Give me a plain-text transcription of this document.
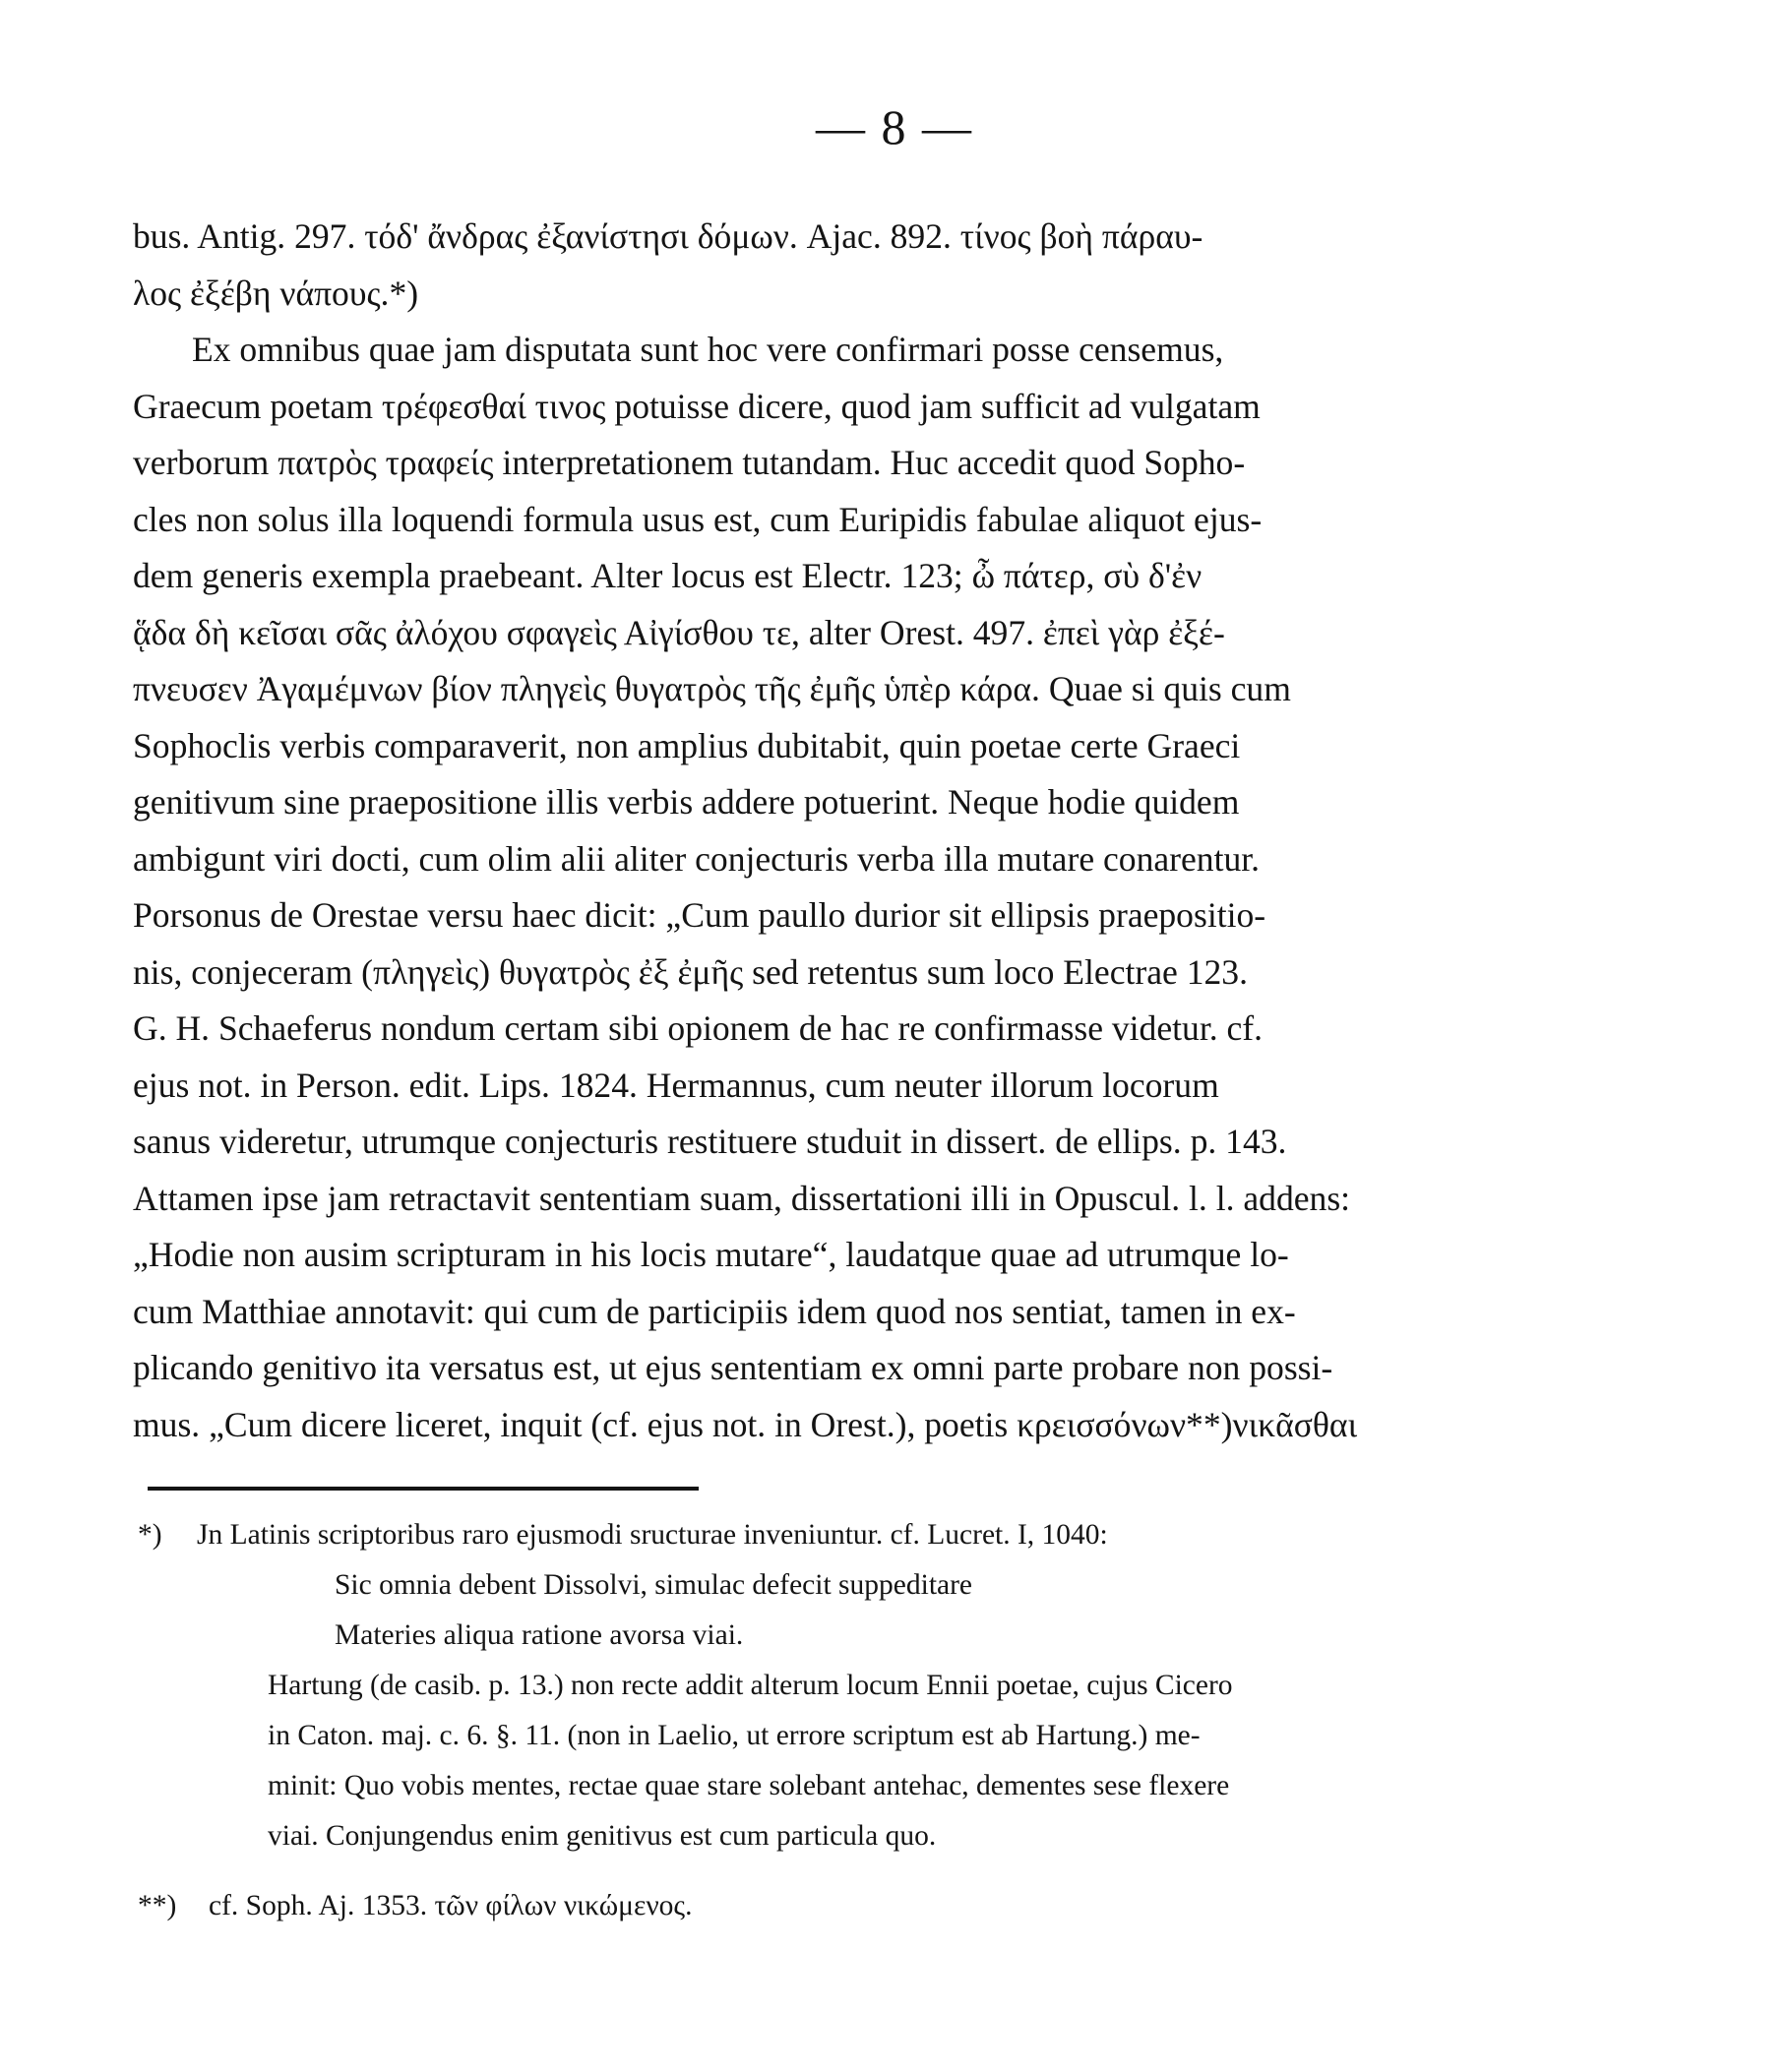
— 8 —
bus. Antig. 297. τόδ' ἄνδρας ἐξανίστησι δόμων. Ajac. 892. τίνος βοὴ πάραυ-
λος ἐξέβη νάπους.*)
Ex omnibus quae jam disputata sunt hoc vere confirmari posse censemus,
Graecum poetam τρέφεσθαί τινος potuisse dicere, quod jam sufficit ad vulgatam
verborum πατρὸς τραφείς interpretationem tutandam. Huc accedit quod Sopho-
cles non solus illa loquendi formula usus est, cum Euripidis fabulae aliquot ejus-
dem generis exempla praebeant. Alter locus est Electr. 123; ὦ πάτερ, σὺ δ'ἐν
ᾅδα δὴ κεῖσαι σᾶς ἀλόχου σφαγεὶς Αἰγίσθου τε, alter Orest. 497. ἐπεὶ γὰρ ἐξέ-
πνευσεν Ἀγαμέμνων βίον πληγεὶς θυγατρὸς τῆς ἐμῆς ὑπὲρ κάρα. Quae si quis cum
Sophoclis verbis comparaverit, non amplius dubitabit, quin poetae certe Graeci
genitivum sine praepositione illis verbis addere potuerint. Neque hodie quidem
ambigunt viri docti, cum olim alii aliter conjecturis verba illa mutare conarentur.
Porsonus de Orestae versu haec dicit: „Cum paullo durior sit ellipsis praepositio-
nis, conjeceram (πληγεὶς) θυγατρὸς ἐξ ἐμῆς sed retentus sum loco Electrae 123.
G. H. Schaeferus nondum certam sibi opionem de hac re confirmasse videtur. cf.
ejus not. in Person. edit. Lips. 1824. Hermannus, cum neuter illorum locorum
sanus videretur, utrumque conjecturis restituere studuit in dissert. de ellips. p. 143.
Attamen ipse jam retractavit sententiam suam, dissertationi illi in Opuscul. l. l. addens:
„Hodie non ausim scripturam in his locis mutare“, laudatque quae ad utrumque lo-
cum Matthiae annotavit: qui cum de participiis idem quod nos sentiat, tamen in ex-
plicando genitivo ita versatus est, ut ejus sententiam ex omni parte probare non possi-
mus. „Cum dicere liceret, inquit (cf. ejus not. in Orest.), poetis κρεισσόνων**)νικᾶσθαι
*) Jn Latinis scriptoribus raro ejusmodi sructurae inveniuntur. cf. Lucret. I, 1040:
Sic omnia debent Dissolvi, simulac defecit suppeditare
Materies aliqua ratione avorsa viai.
Hartung (de casib. p. 13.) non recte addit alterum locum Ennii poetae, cujus Cicero
in Caton. maj. c. 6. §. 11. (non in Laelio, ut errore scriptum est ab Hartung.) me-
minit: Quo vobis mentes, rectae quae stare solebant antehac, dementes sese flexere
viai. Conjungendus enim genitivus est cum particula quo.
**) cf. Soph. Aj. 1353. τῶν φίλων νικώμενος.
